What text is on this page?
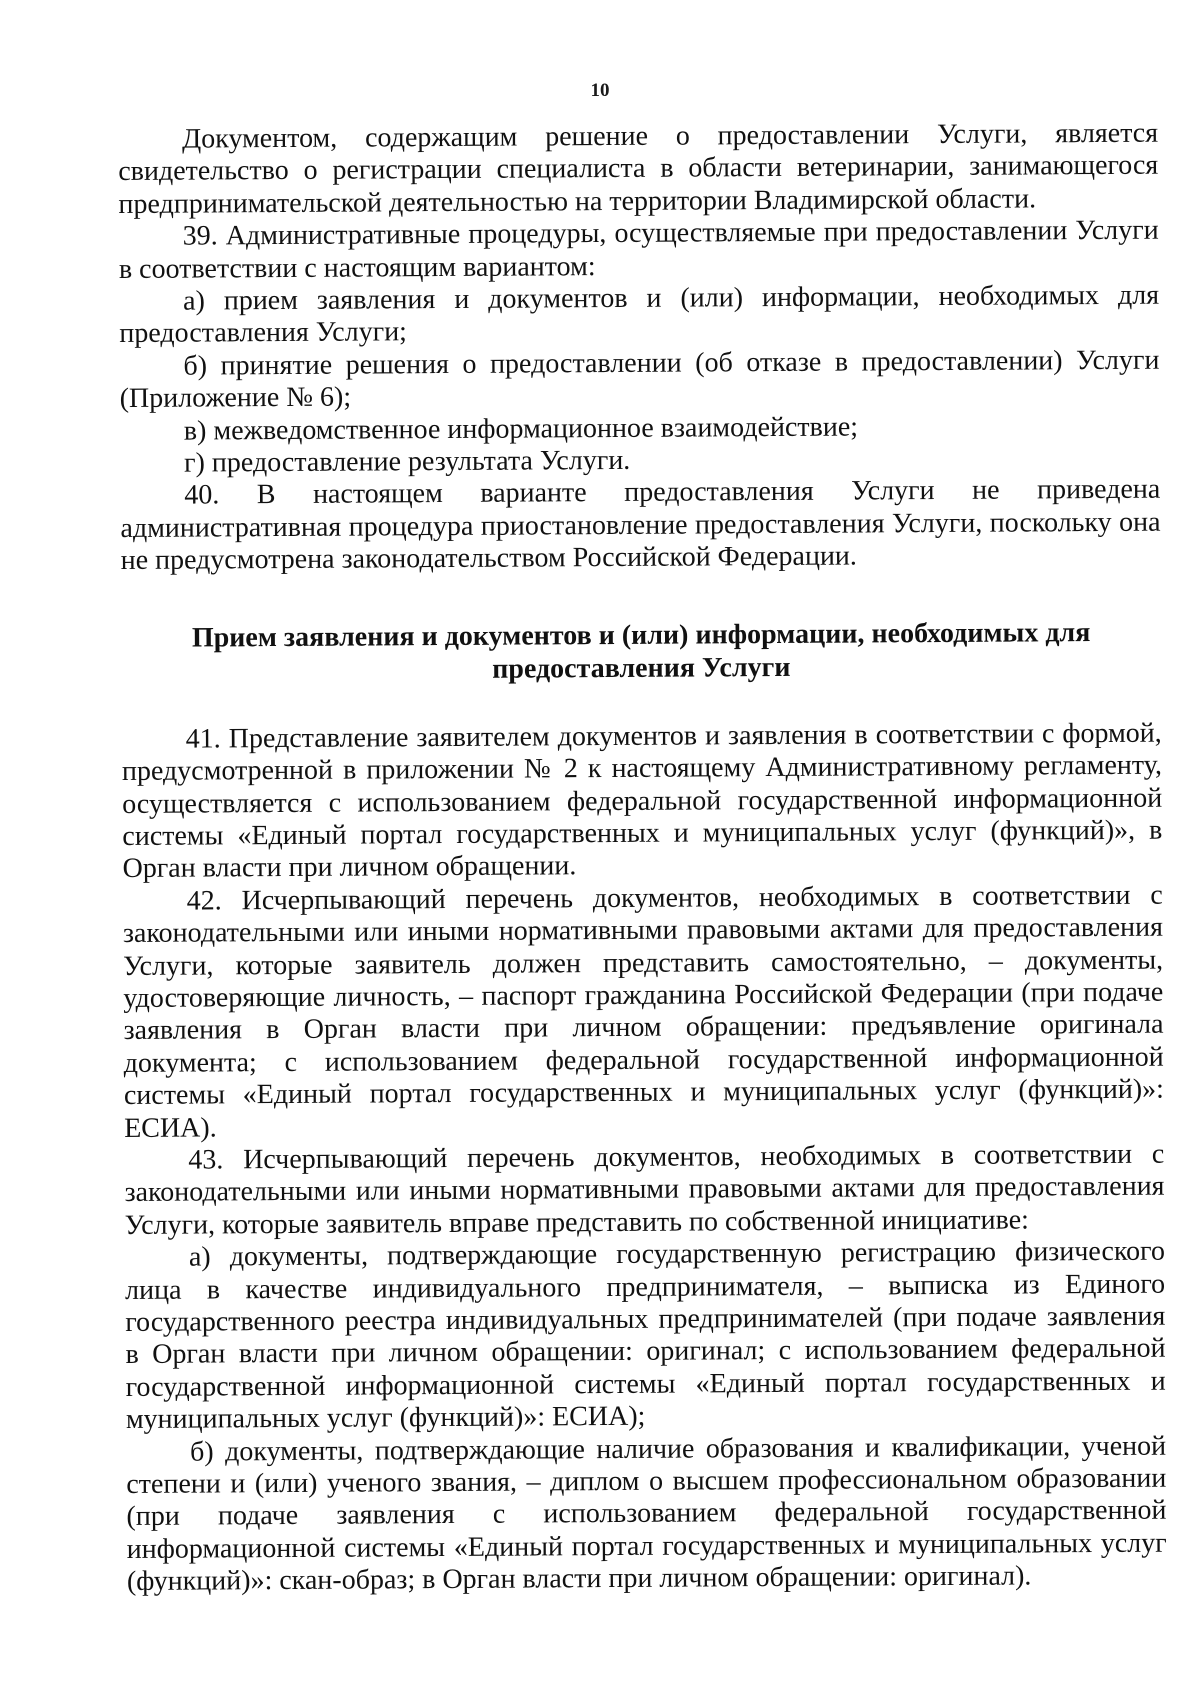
10

Документом, содержащим решение о предоставлении Услуги, является свидетельство о регистрации специалиста в области ветеринарии, занимающегося предпринимательской деятельностью на территории Владимирской области.

39. Административные процедуры, осуществляемые при предоставлении Услуги в соответствии с настоящим вариантом:

а) прием заявления и документов и (или) информации, необходимых для предоставления Услуги;

б) принятие решения о предоставлении (об отказе в предоставлении) Услуги (Приложение № 6);

в) межведомственное информационное взаимодействие;

г) предоставление результата Услуги.

40. В настоящем варианте предоставления Услуги не приведена административная процедура приостановление предоставления Услуги, поскольку она не предусмотрена законодательством Российской Федерации.

Прием заявления и документов и (или) информации, необходимых для предоставления Услуги

41. Представление заявителем документов и заявления в соответствии с формой, предусмотренной в приложении № 2 к настоящему Административному регламенту, осуществляется с использованием федеральной государственной информационной системы «Единый портал государственных и муниципальных услуг (функций)», в Орган власти при личном обращении.

42. Исчерпывающий перечень документов, необходимых в соответствии с законодательными или иными нормативными правовыми актами для предоставления Услуги, которые заявитель должен представить самостоятельно, – документы, удостоверяющие личность, – паспорт гражданина Российской Федерации (при подаче заявления в Орган власти при личном обращении: предъявление оригинала документа; с использованием федеральной государственной информационной системы «Единый портал государственных и муниципальных услуг (функций)»: ЕСИА).

43. Исчерпывающий перечень документов, необходимых в соответствии с законодательными или иными нормативными правовыми актами для предоставления Услуги, которые заявитель вправе представить по собственной инициативе:

а) документы, подтверждающие государственную регистрацию физического лица в качестве индивидуального предпринимателя, – выписка из Единого государственного реестра индивидуальных предпринимателей (при подаче заявления в Орган власти при личном обращении: оригинал; с использованием федеральной государственной информационной системы «Единый портал государственных и муниципальных услуг (функций)»: ЕСИА);

б) документы, подтверждающие наличие образования и квалификации, ученой степени и (или) ученого звания, – диплом о высшем профессиональном образовании (при подаче заявления с использованием федеральной государственной информационной системы «Единый портал государственных и муниципальных услуг (функций)»: скан-образ; в Орган власти при личном обращении: оригинал).
